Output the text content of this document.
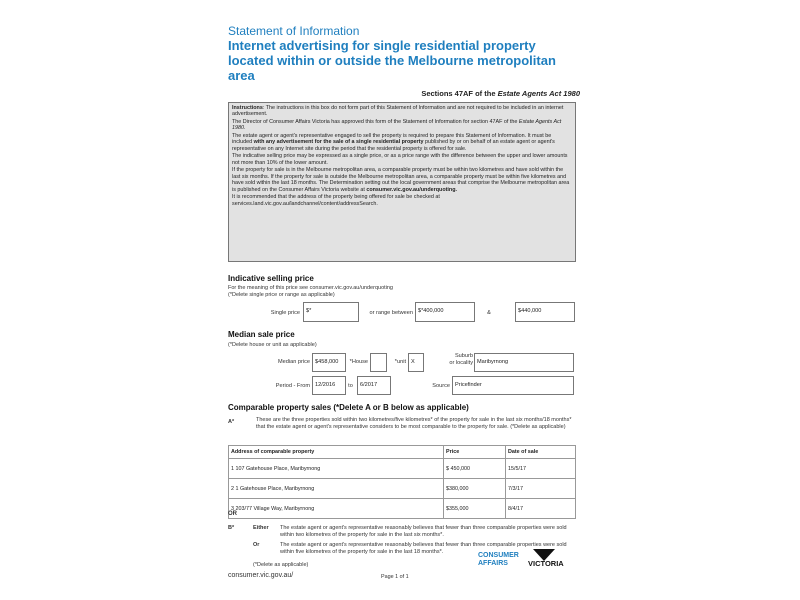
Statement of Information
Internet advertising for single residential property located within or outside the Melbourne metropolitan area
Sections 47AF of the Estate Agents Act 1980

Instructions: The instructions in this box do not form part of this Statement of Information and are not required to be included in an internet advertisement.

The Director of Consumer Affairs Victoria has approved this form of the Statement of Information for section 47AF of the Estate Agents Act 1980.

The estate agent or agent's representative engaged to sell the property is required to prepare this Statement of Information. It must be included with any advertisement for the sale of a single residential property published by or on behalf of an estate agent or agent's representative on any Internet site during the period that the residential property is offered for sale.

The indicative selling price may be expressed as a single price, or as a price range with the difference between the upper and lower amounts not more than 10% of the lower amount.

If the property for sale is in the Melbourne metropolitan area, a comparable property must be within two kilometres and have sold within the last six months. If the property for sale is outside the Melbourne metropolitan area, a comparable property must be within five kilometres and have sold within the last 18 months. The Determination setting out the local government areas that comprise the Melbourne metropolitan area is published on the Consumer Affairs Victoria website at consumer.vic.gov.au/underquoting.

It is recommended that the address of the property being offered for sale be checked at services.land.vic.gov.au/landchannel/content/addressSearch.

Indicative selling price
For the meaning of this price see consumer.vic.gov.au/underquoting
(*Delete single price or range as applicable)
Single price	$*	or range between $*400,000	&	$440,000
Median sale price
(*Delete house or unit as applicable)
Median price $458,000	*House	*unit X
Suburb
or locality Maribyrnong
Period - From 12/2016	to	6/2017	Source Pricefinder
Comparable property sales (*Delete A or B below as applicable)
A*	These are the three properties sold within two kilometres/five kilometres* of the property for sale in the last six months/18 months* that the estate agent or agent's representative considers to be most comparable to the property for sale. (*Delete as applicable)
Address of comparable property	Price	Date of sale
1 107 Gatehouse Place, Maribyrnong	$ 450,000	15/5/17
2 1 Gatehouse Place, Maribyrnong	$380,000	7/3/17
3 203/77 Village Way, Maribyrnong	$355,000	8/4/17
OR
B*	Either The estate agent or agent's representative reasonably believes that fewer than three comparable properties were sold within two kilometres of the property for sale in the last six months*.
Or	The estate agent or agent's representative reasonably believes that fewer than three comparable properties were sold within five kilometres of the property for sale in the last 18 months*.
(*Delete as applicable)
CONSUMER
AFFAIRS	VICTORIA
consumer.vic.gov.au/	Page 1 of 1
